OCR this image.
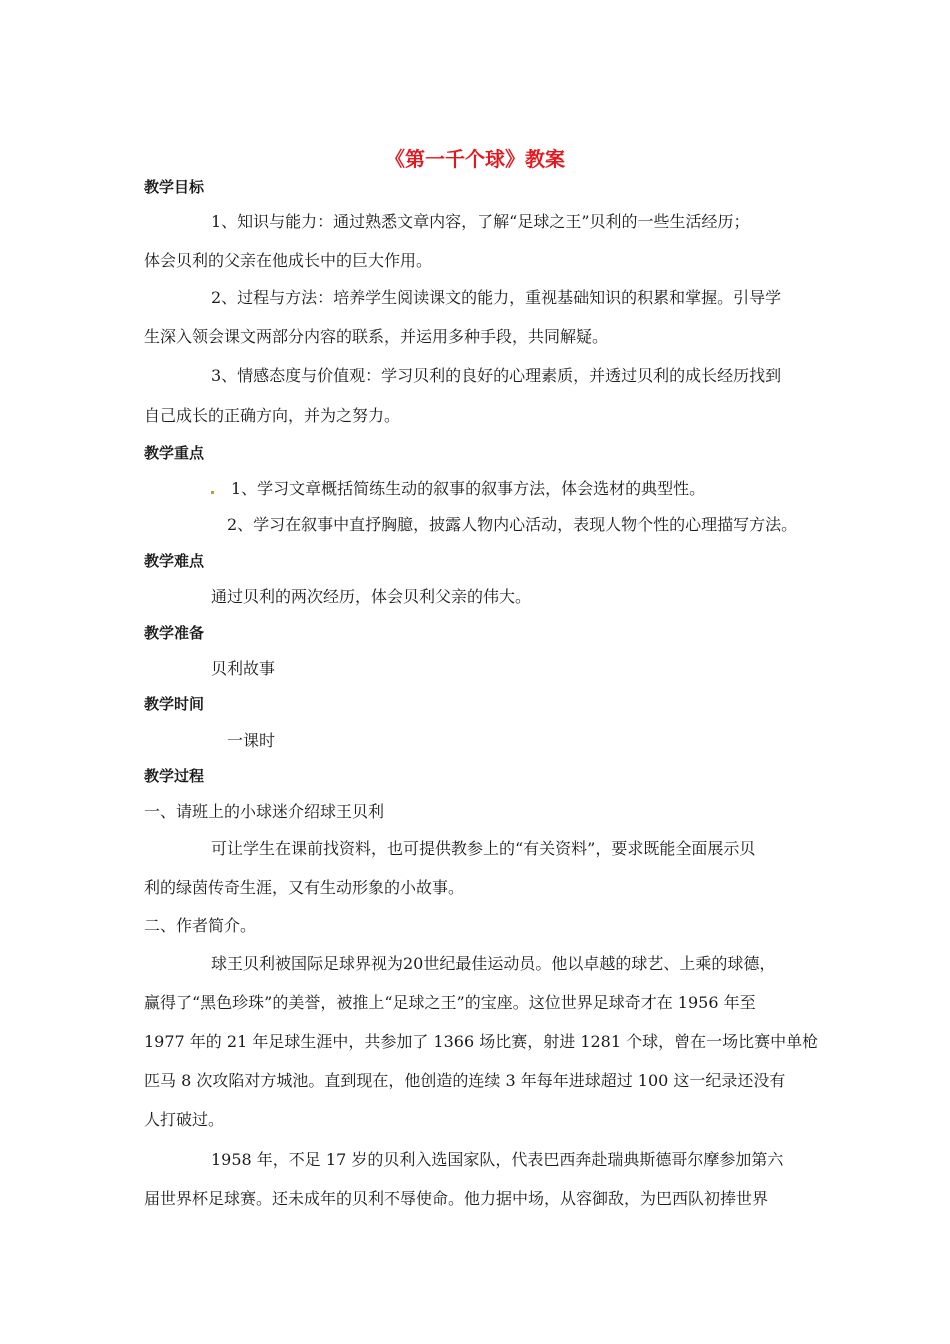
《第一千个球》教案
教学目标
1、知识与能力：通过熟悉文章内容，了解“足球之王”贝利的一些生活经历；
体会贝利的父亲在他成长中的巨大作用。
2、过程与方法：培养学生阅读课文的能力，重视基础知识的积累和掌握。引导学
生深入领会课文两部分内容的联系，并运用多种手段，共同解疑。
3、情感态度与价值观：学习贝利的良好的心理素质，并透过贝利的成长经历找到
自己成长的正确方向，并为之努力。
教学重点
1、学习文章概括简练生动的叙事的叙事方法，体会选材的典型性。
2、学习在叙事中直抒胸臆，披露人物内心活动，表现人物个性的心理描写方法。
教学难点
通过贝利的两次经历，体会贝利父亲的伟大。
教学准备
贝利故事
教学时间
一课时
教学过程
一、请班上的小球迷介绍球王贝利
可让学生在课前找资料，也可提供教参上的“有关资料”，要求既能全面展示贝
利的绿茵传奇生涯，又有生动形象的小故事。
二、作者简介。
球王贝利被国际足球界视为20世纪最佳运动员。他以卓越的球艺、上乘的球德，
赢得了“黑色珍珠”的美誉，被推上“足球之王”的宝座。这位世界足球奇才在 1956 年至
1977 年的 21 年足球生涯中，共参加了 1366 场比赛，射进 1281 个球，曾在一场比赛中单枪
匹马 8 次攻陷对方城池。直到现在，他创造的连续 3 年每年进球超过 100 这一纪录还没有
人打破过。
1958 年，不足 17 岁的贝利入选国家队，代表巴西奔赴瑞典斯德哥尔摩参加第六
届世界杯足球赛。还未成年的贝利不辱使命。他力据中场，从容御敌，为巴西队初捧世界
